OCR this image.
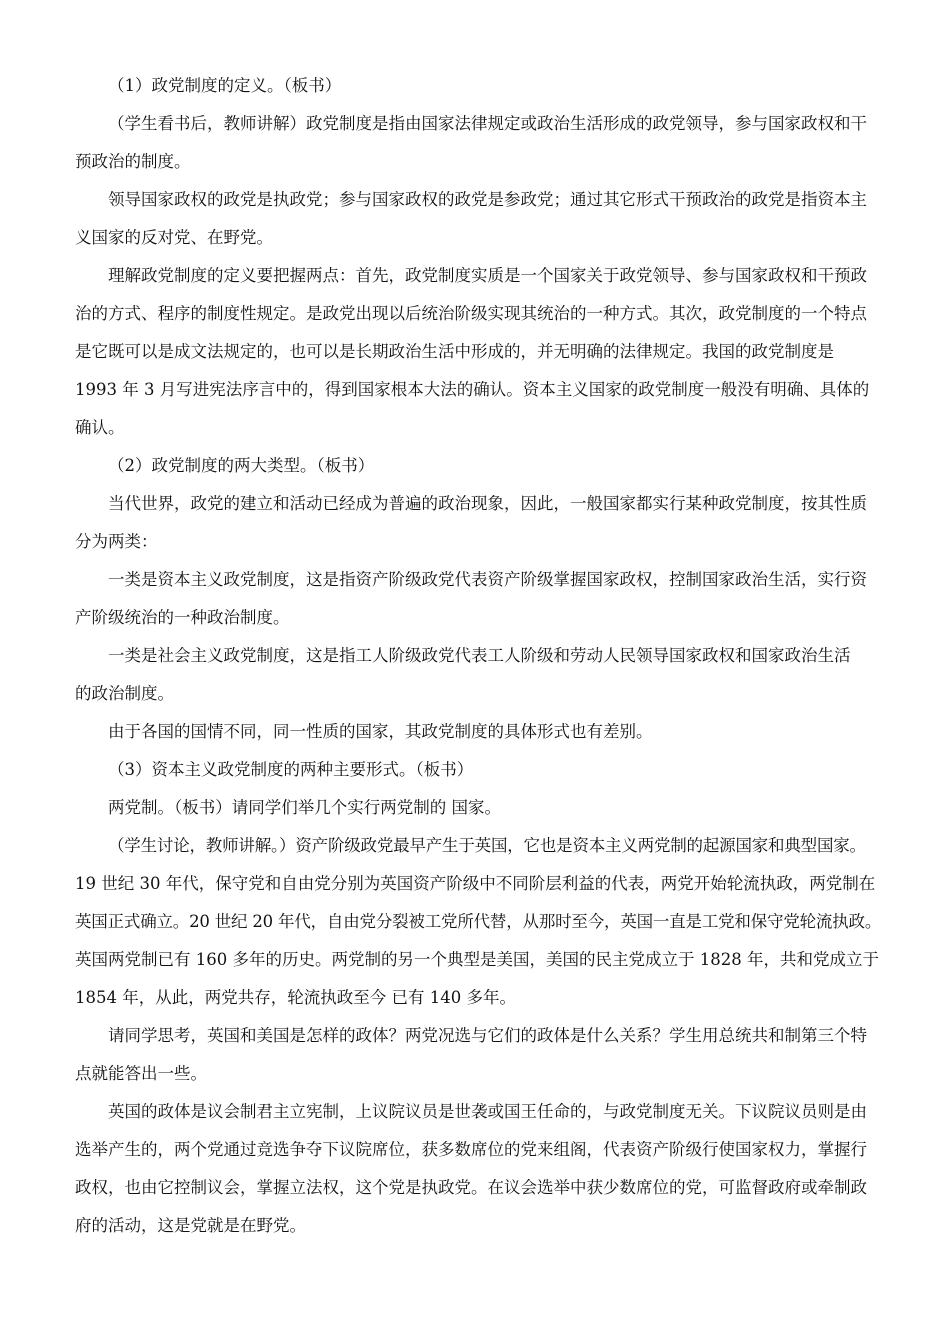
（1）政党制度的定义。（板书）
（学生看书后，教师讲解）政党制度是指由国家法律规定或政治生活形成的政党领导，参与国家政权和干
预政治的制度。
领导国家政权的政党是执政党；参与国家政权的政党是参政党；通过其它形式干预政治的政党是指资本主
义国家的反对党、在野党。
理解政党制度的定义要把握两点：首先，政党制度实质是一个国家关于政党领导、参与国家政权和干预政
治的方式、程序的制度性规定。是政党出现以后统治阶级实现其统治的一种方式。其次，政党制度的一个特点
是它既可以是成文法规定的，也可以是长期政治生活中形成的，并无明确的法律规定。我国的政党制度是
1993 年 3 月写进宪法序言中的，得到国家根本大法的确认。资本主义国家的政党制度一般没有明确、具体的
确认。
（2）政党制度的两大类型。（板书）
当代世界，政党的建立和活动已经成为普遍的政治现象，因此，一般国家都实行某种政党制度，按其性质
分为两类：
一类是资本主义政党制度，这是指资产阶级政党代表资产阶级掌握国家政权，控制国家政治生活，实行资
产阶级统治的一种政治制度。
一类是社会主义政党制度，这是指工人阶级政党代表工人阶级和劳动人民领导国家政权和国家政治生活
的政治制度。
由于各国的国情不同，同一性质的国家，其政党制度的具体形式也有差别。
（3）资本主义政党制度的两种主要形式。（板书）
两党制。（板书）请同学们举几个实行两党制的 国家。
（学生讨论，教师讲解。）资产阶级政党最早产生于英国，它也是资本主义两党制的起源国家和典型国家。
19 世纪 30 年代，保守党和自由党分别为英国资产阶级中不同阶层利益的代表，两党开始轮流执政，两党制在
英国正式确立。20 世纪 20 年代，自由党分裂被工党所代替，从那时至今，英国一直是工党和保守党轮流执政。
英国两党制已有 160 多年的历史。两党制的另一个典型是美国，美国的民主党成立于 1828 年，共和党成立于
1854 年，从此，两党共存，轮流执政至今 已有 140 多年。
请同学思考，英国和美国是怎样的政体？两党况选与它们的政体是什么关系？学生用总统共和制第三个特
点就能答出一些。
英国的政体是议会制君主立宪制，上议院议员是世袭或国王任命的，与政党制度无关。下议院议员则是由
选举产生的，两个党通过竞选争夺下议院席位，获多数席位的党来组阁，代表资产阶级行使国家权力，掌握行
政权，也由它控制议会，掌握立法权，这个党是执政党。在议会选举中获少数席位的党，可监督政府或牵制政
府的活动，这是党就是在野党。
